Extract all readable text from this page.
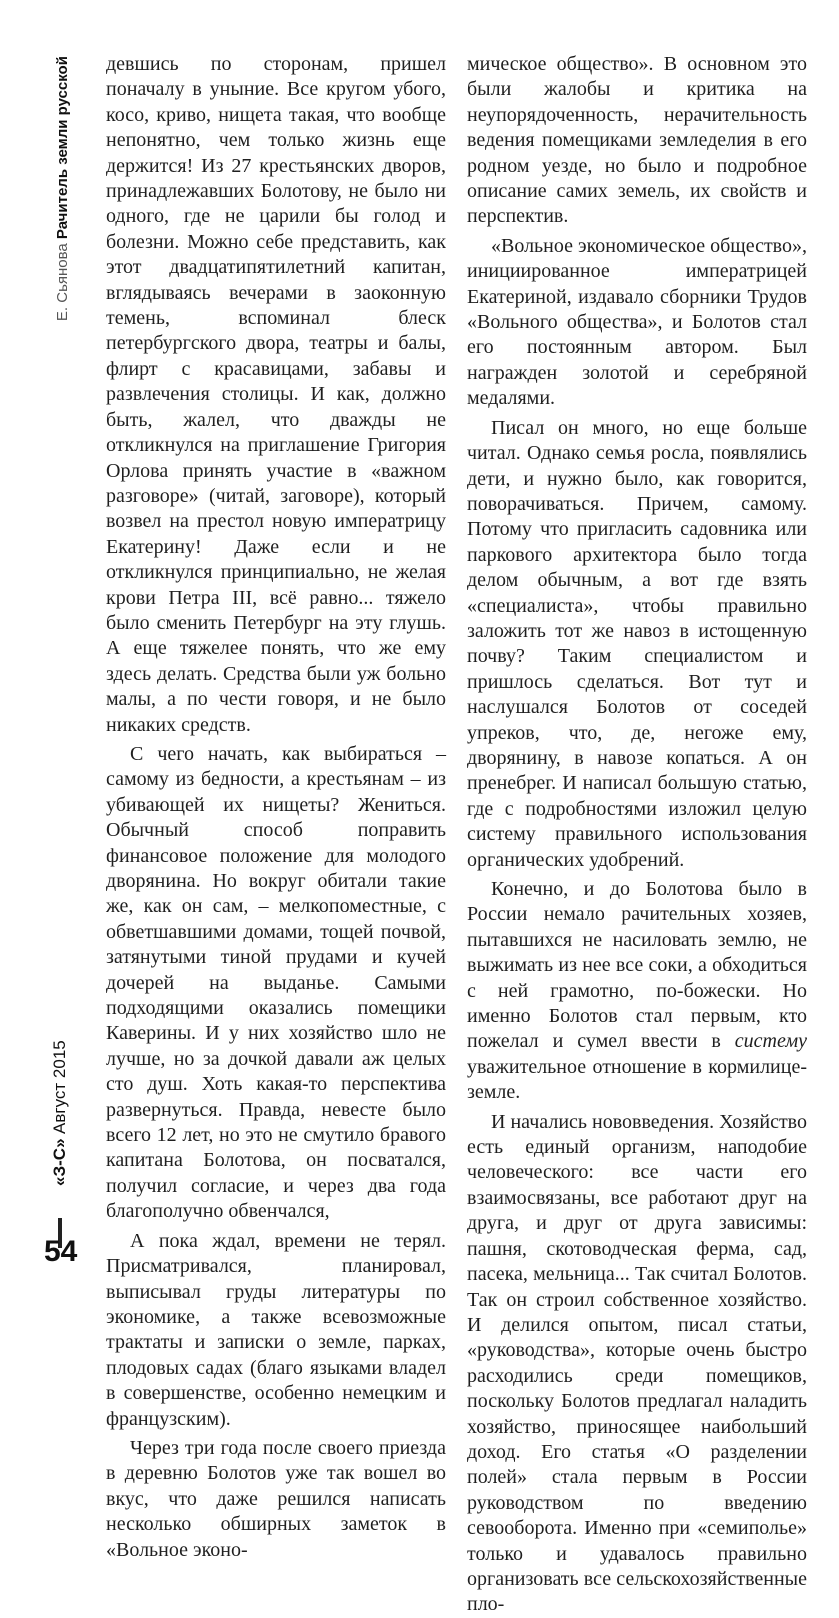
Е. Сьянова Рачитель земли русской
«З-С» Август 2015
54

девшись по сторонам, пришел поначалу в уныние. Все кругом убого, косо, криво, нищета такая, что вообще непонятно, чем только жизнь еще держится! Из 27 крестьянских дворов, принадлежавших Болотову, не было ни одного, где не царили бы голод и болезни. Можно себе представить, как этот двадцатипятилетний капитан, вглядываясь вечерами в заоконную темень, вспоминал блеск петербургского двора, театры и балы, флирт с красавицами, забавы и развлечения столицы. И как, должно быть, жалел, что дважды не откликнулся на приглашение Григория Орлова принять участие в «важном разговоре» (читай, заговоре), который возвел на престол новую императрицу Екатерину! Даже если и не откликнулся принципиально, не желая крови Петра III, всё равно... тяжело было сменить Петербург на эту глушь. А еще тяжелее понять, что же ему здесь делать. Средства были уж больно малы, а по чести говоря, и не было никаких средств.

С чего начать, как выбираться – самому из бедности, а крестьянам – из убивающей их нищеты? Жениться. Обычный способ поправить финансовое положение для молодого дворянина. Но вокруг обитали такие же, как он сам, – мелкопоместные, с обветшавшими домами, тощей почвой, затянутыми тиной прудами и кучей дочерей на выданье. Самыми подходящими оказались помещики Каверины. И у них хозяйство шло не лучше, но за дочкой давали аж целых сто душ. Хоть какая-то перспектива развернуться. Правда, невесте было всего 12 лет, но это не смутило бравого капитана Болотова, он посватался, получил согласие, и через два года благополучно обвенчался,

А пока ждал, времени не терял. Присматривался, планировал, выписывал груды литературы по экономике, а также всевозможные трактаты и записки о земле, парках, плодовых садах (благо языками владел в совершенстве, особенно немецким и французским).

Через три года после своего приезда в деревню Болотов уже так вошел во вкус, что даже решился написать несколько обширных заметок в «Вольное эконо-

мическое общество». В основном это были жалобы и критика на неупорядоченность, нерачительность ведения помещиками земледелия в его родном уезде, но было и подробное описание самих земель, их свойств и перспектив.

«Вольное экономическое общество», инициированное императрицей Екатериной, издавало сборники Трудов «Вольного общества», и Болотов стал его постоянным автором. Был награжден золотой и серебряной медалями.

Писал он много, но еще больше читал. Однако семья росла, появлялись дети, и нужно было, как говорится, поворачиваться. Причем, самому. Потому что пригласить садовника или паркового архитектора было тогда делом обычным, а вот где взять «специалиста», чтобы правильно заложить тот же навоз в истощенную почву? Таким специалистом и пришлось сделаться. Вот тут и наслушался Болотов от соседей упреков, что, де, негоже ему, дворянину, в навозе копаться. А он пренебрег. И написал большую статью, где с подробностями изложил целую систему правильного использования органических удобрений.

Конечно, и до Болотова было в России немало рачительных хозяев, пытавшихся не насиловать землю, не выжимать из нее все соки, а обходиться с ней грамотно, по-божески. Но именно Болотов стал первым, кто пожелал и сумел ввести в систему уважительное отношение в кормилице-земле.

И начались нововведения. Хозяйство есть единый организм, наподобие человеческого: все части его взаимосвязаны, все работают друг на друга, и друг от друга зависимы: пашня, скотоводческая ферма, сад, пасека, мельница... Так считал Болотов. Так он строил собственное хозяйство. И делился опытом, писал статьи, «руководства», которые очень быстро расходились среди помещиков, поскольку Болотов предлагал наладить хозяйство, приносящее наибольший доход. Его статья «О разделении полей» стала первым в России руководством по введению севооборота. Именно при «семиполье» только и удавалось правильно организовать все сельскохозяйственные пло-
